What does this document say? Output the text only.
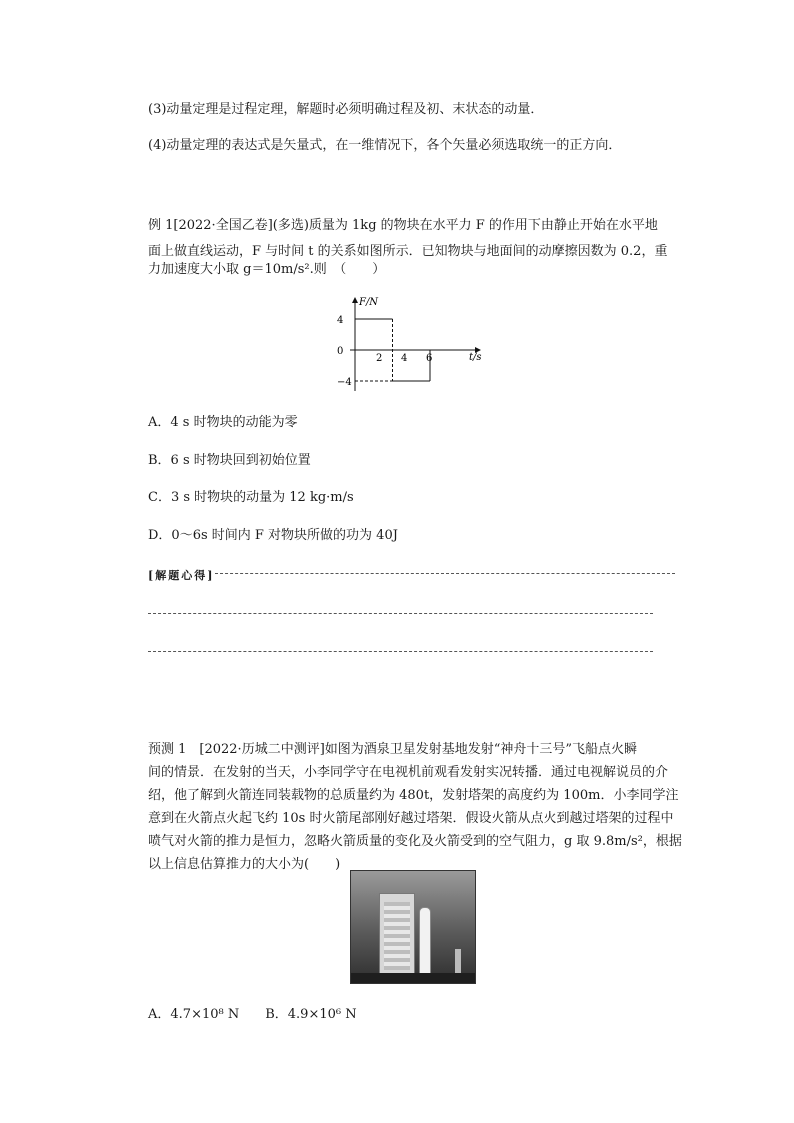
(3)动量定理是过程定理，解题时必须明确过程及初、末状态的动量．
(4)动量定理的表达式是矢量式，在一维情况下，各个矢量必须选取统一的正方向．
例 1[2022·全国乙卷](多选)质量为 1kg 的物块在水平力 F 的作用下由静止开始在水平地
面上做直线运动，F 与时间 t 的关系如图所示．已知物块与地面间的动摩擦因数为 0.2，重
力加速度大小取 g＝10m/s².则　（　　）
F/N
t/s
2 4 6
4
0
−4
A．4 s 时物块的动能为零
B．6 s 时物块回到初始位置
C．3 s 时物块的动量为 12 kg·m/s
D．0～6s 时间内 F 对物块所做的功为 40J
[解题心得]
预测 1　[2022·历城二中测评]如图为酒泉卫星发射基地发射“神舟十三号”飞船点火瞬
间的情景．在发射的当天，小李同学守在电视机前观看发射实况转播．通过电视解说员的介
绍，他了解到火箭连同装载物的总质量约为 480t，发射塔架的高度约为 100m．小李同学注
意到在火箭点火起飞约 10s 时火箭尾部刚好越过塔架．假设火箭从点火到越过塔架的过程中
喷气对火箭的推力是恒力，忽略火箭质量的变化及火箭受到的空气阻力，g 取 9.8m/s²，根据
以上信息估算推力的大小为(　　)
A．4.7×10⁸ N　　B．4.9×10⁶ N
